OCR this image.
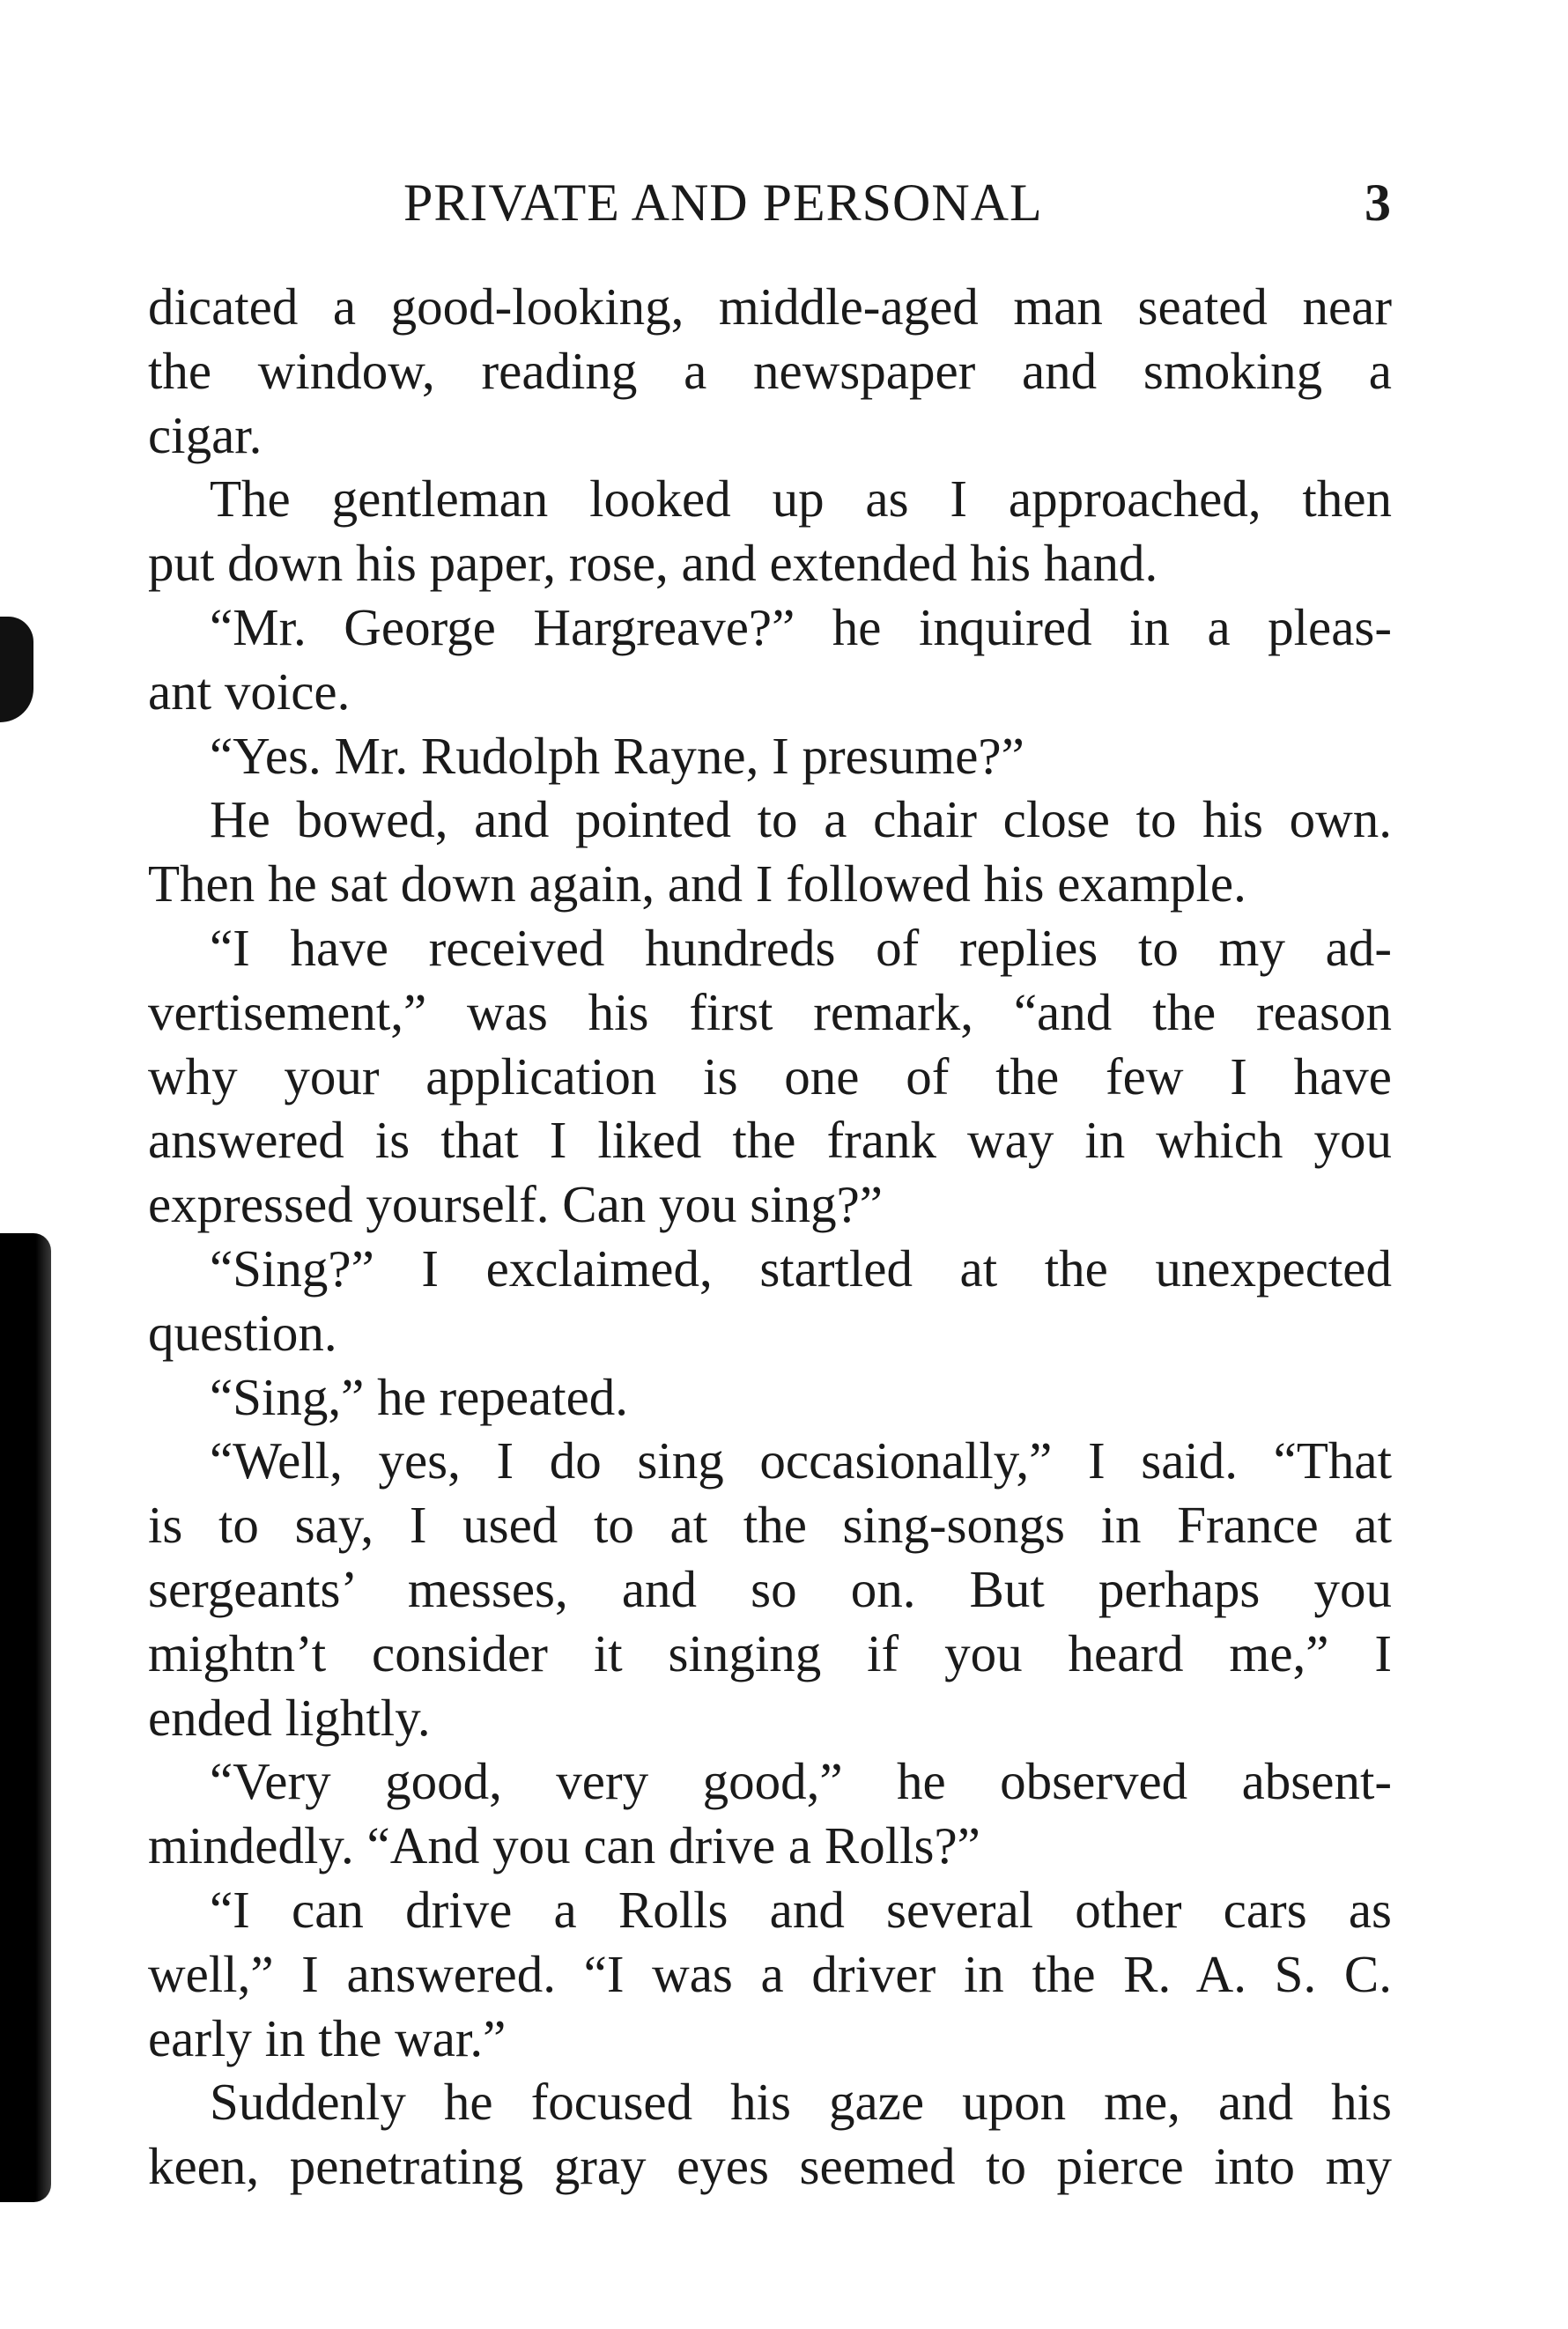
PRIVATE AND PERSONAL	3
dicated a good-looking, middle-aged man seated near
the window, reading a newspaper and smoking a
cigar.
The gentleman looked up as I approached, then
put down his paper, rose, and extended his hand.
“Mr. George Hargreave?” he inquired in a pleas-
ant voice.
“Yes. Mr. Rudolph Rayne, I presume?”
He bowed, and pointed to a chair close to his own.
Then he sat down again, and I followed his example.
“I have received hundreds of replies to my ad-
vertisement,” was his first remark, “and the reason
why your application is one of the few I have
answered is that I liked the frank way in which you
expressed yourself. Can you sing?”
“Sing?” I exclaimed, startled at the unexpected
question.
“Sing,” he repeated.
“Well, yes, I do sing occasionally,” I said. “That
is to say, I used to at the sing-songs in France at
sergeants’ messes, and so on. But perhaps you
mightn’t consider it singing if you heard me,” I
ended lightly.
“Very good, very good,” he observed absent-
mindedly. “And you can drive a Rolls?”
“I can drive a Rolls and several other cars as
well,” I answered. “I was a driver in the R. A. S. C.
early in the war.”
Suddenly he focused his gaze upon me, and his
keen, penetrating gray eyes seemed to pierce into my
